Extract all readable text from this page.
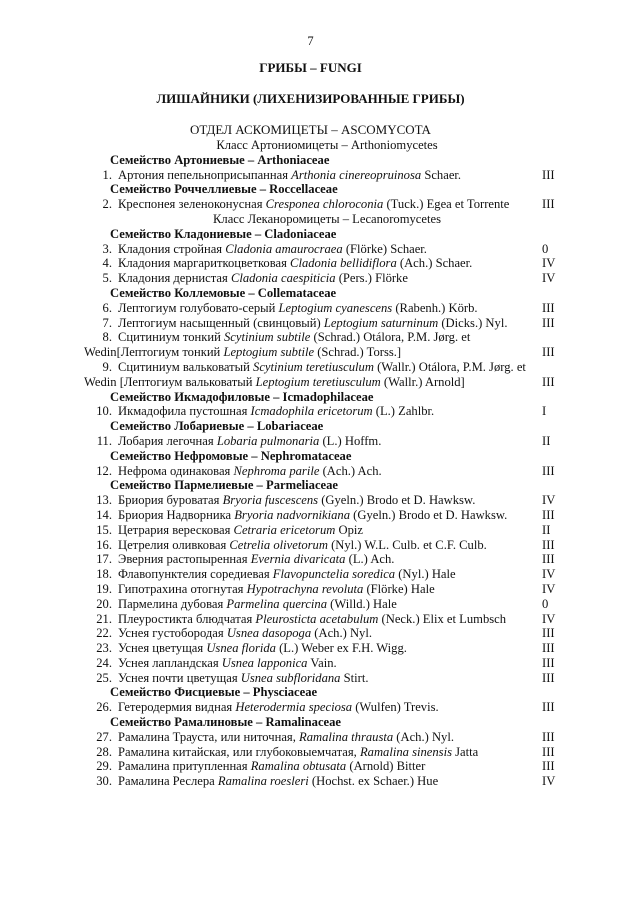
7
ГРИБЫ – FUNGI
ЛИШАЙНИКИ (ЛИХЕНИЗИРОВАННЫЕ ГРИБЫ)
ОТДЕЛ АСКОМИЦЕТЫ – ASCOMYCOTA
Класс Артониомицеты – Arthoniomycetes
Семейство Артониевые – Arthoniaceae
1. Артония пепельноприсыпанная Arthonia cinereopruinosa Schaer.	III
Семейство Роччеллиевые – Roccellaceae
2. Креспонея зеленоконусная Cresponea chloroconia (Tuck.) Egea et Torrente	III
Класс Леканоромицеты – Lecanoromycetes
Семейство Кладониевые – Cladoniaceae
3. Кладония стройная Cladonia amaurocraea (Flörke) Schaer.	0
4. Кладония маргариткоцветковая Cladonia bellidiflora (Ach.) Schaer.	IV
5. Кладония дернистая Cladonia caespiticia (Pers.) Flörke	IV
Семейство Коллемовые – Collemataceae
6. Лептогиум голубовато-серый Leptogium cyanescens (Rabenh.) Körb.	III
7. Лептогиум насыщенный (свинцовый) Leptogium saturninum (Dicks.) Nyl.	III
8. Сцитиниум тонкий Scytinium subtile (Schrad.) Otálora, P.M. Jørg. et Wedin[Лептогиум тонкий Leptogium subtile (Schrad.) Torss.]	III
9. Сцитиниум вальковатый Scytinium teretiusculum (Wallr.) Otálora, P.M. Jørg. et Wedin [Лептогиум вальковатый Leptogium teretiusculum (Wallr.) Arnold]	III
Семейство Икмадофиловые – Icmadophilaceae
10. Икмадофила пустошная Icmadophila ericetorum (L.) Zahlbr.	I
Семейство Лобариевые – Lobariaceae
11. Лобария легочная Lobaria pulmonaria (L.) Hoffm.	II
Семейство Нефромовые – Nephromataceae
12. Нефрома одинаковая Nephroma parile (Ach.) Ach.	III
Семейство Пармелиевые – Parmeliaceae
13. Бриория буроватая Bryoria fuscescens (Gyeln.) Brodo et D. Hawksw.	IV
14. Бриория Надворника Bryoria nadvornikiana (Gyeln.) Brodo et D. Hawksw.	III
15. Цетрария вересковая Cetraria ericetorum Opiz	II
16. Цетрелия оливковая Cetrelia olivetorum (Nyl.) W.L. Culb. et C.F. Culb.	III
17. Эверния растопыренная Evernia divaricata (L.) Ach.	III
18. Флавопунктелия соредиевая Flavopunctelia soredica (Nyl.) Hale	IV
19. Гипотрахина отогнутая Hypotrachyna revoluta (Flörke) Hale	IV
20. Пармелина дубовая Parmelina quercina (Willd.) Hale	0
21. Плеуростикта блюдчатая Pleurosticta acetabulum (Neck.) Elix et Lumbsch	IV
22. Уснея густобородая Usnea dasopoga (Ach.) Nyl.	III
23. Уснея цветущая Usnea florida (L.) Weber ex F.H. Wigg.	III
24. Уснея лапландская Usnea lapponica Vain.	III
25. Уснея почти цветущая Usnea subfloridana Stirt.	III
Семейство Фисциевые – Physciaceae
26. Гетеродермия видная Heterodermia speciosa (Wulfen) Trevis.	III
Семейство Рамалиновые – Ramalinaceae
27. Рамалина Трауста, или ниточная, Ramalina thrausta (Ach.) Nyl.	III
28. Рамалина китайская, или глубоковыемчатая, Ramalina sinensis Jatta	III
29. Рамалина притупленная Ramalina obtusata (Arnold) Bitter	III
30. Рамалина Реслера Ramalina roesleri (Hochst. ex Schaer.) Hue	IV
